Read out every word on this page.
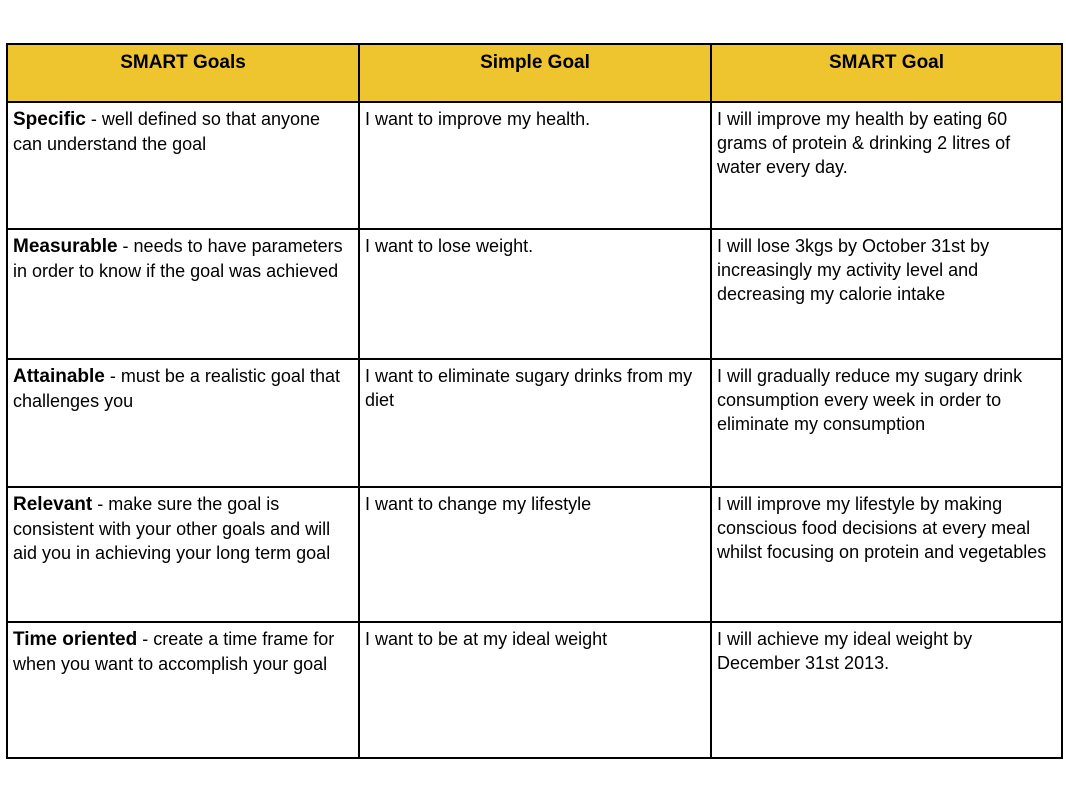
SMART Goals	Simple Goal	SMART Goal
Specific - well defined so that anyone can understand the goal	I want to improve my health.	I will improve my health by eating 60 grams of protein & drinking 2 litres of water every day.
Measurable - needs to have parameters in order to know if the goal was achieved	I want to lose weight.	I will lose 3kgs by October 31st by increasingly my activity level and decreasing my calorie intake
Attainable - must be a realistic goal that challenges you	I want to eliminate sugary drinks from my diet	I will gradually reduce my sugary drink consumption every week in order to eliminate my consumption
Relevant - make sure the goal is consistent with your other goals and will aid you in achieving your long term goal	I want to change my lifestyle	I will improve my lifestyle by making conscious food decisions at every meal whilst focusing on protein and vegetables
Time oriented - create a time frame for when you want to accomplish your goal	I want to be at my ideal weight	I will achieve my ideal weight by December 31st 2013.
